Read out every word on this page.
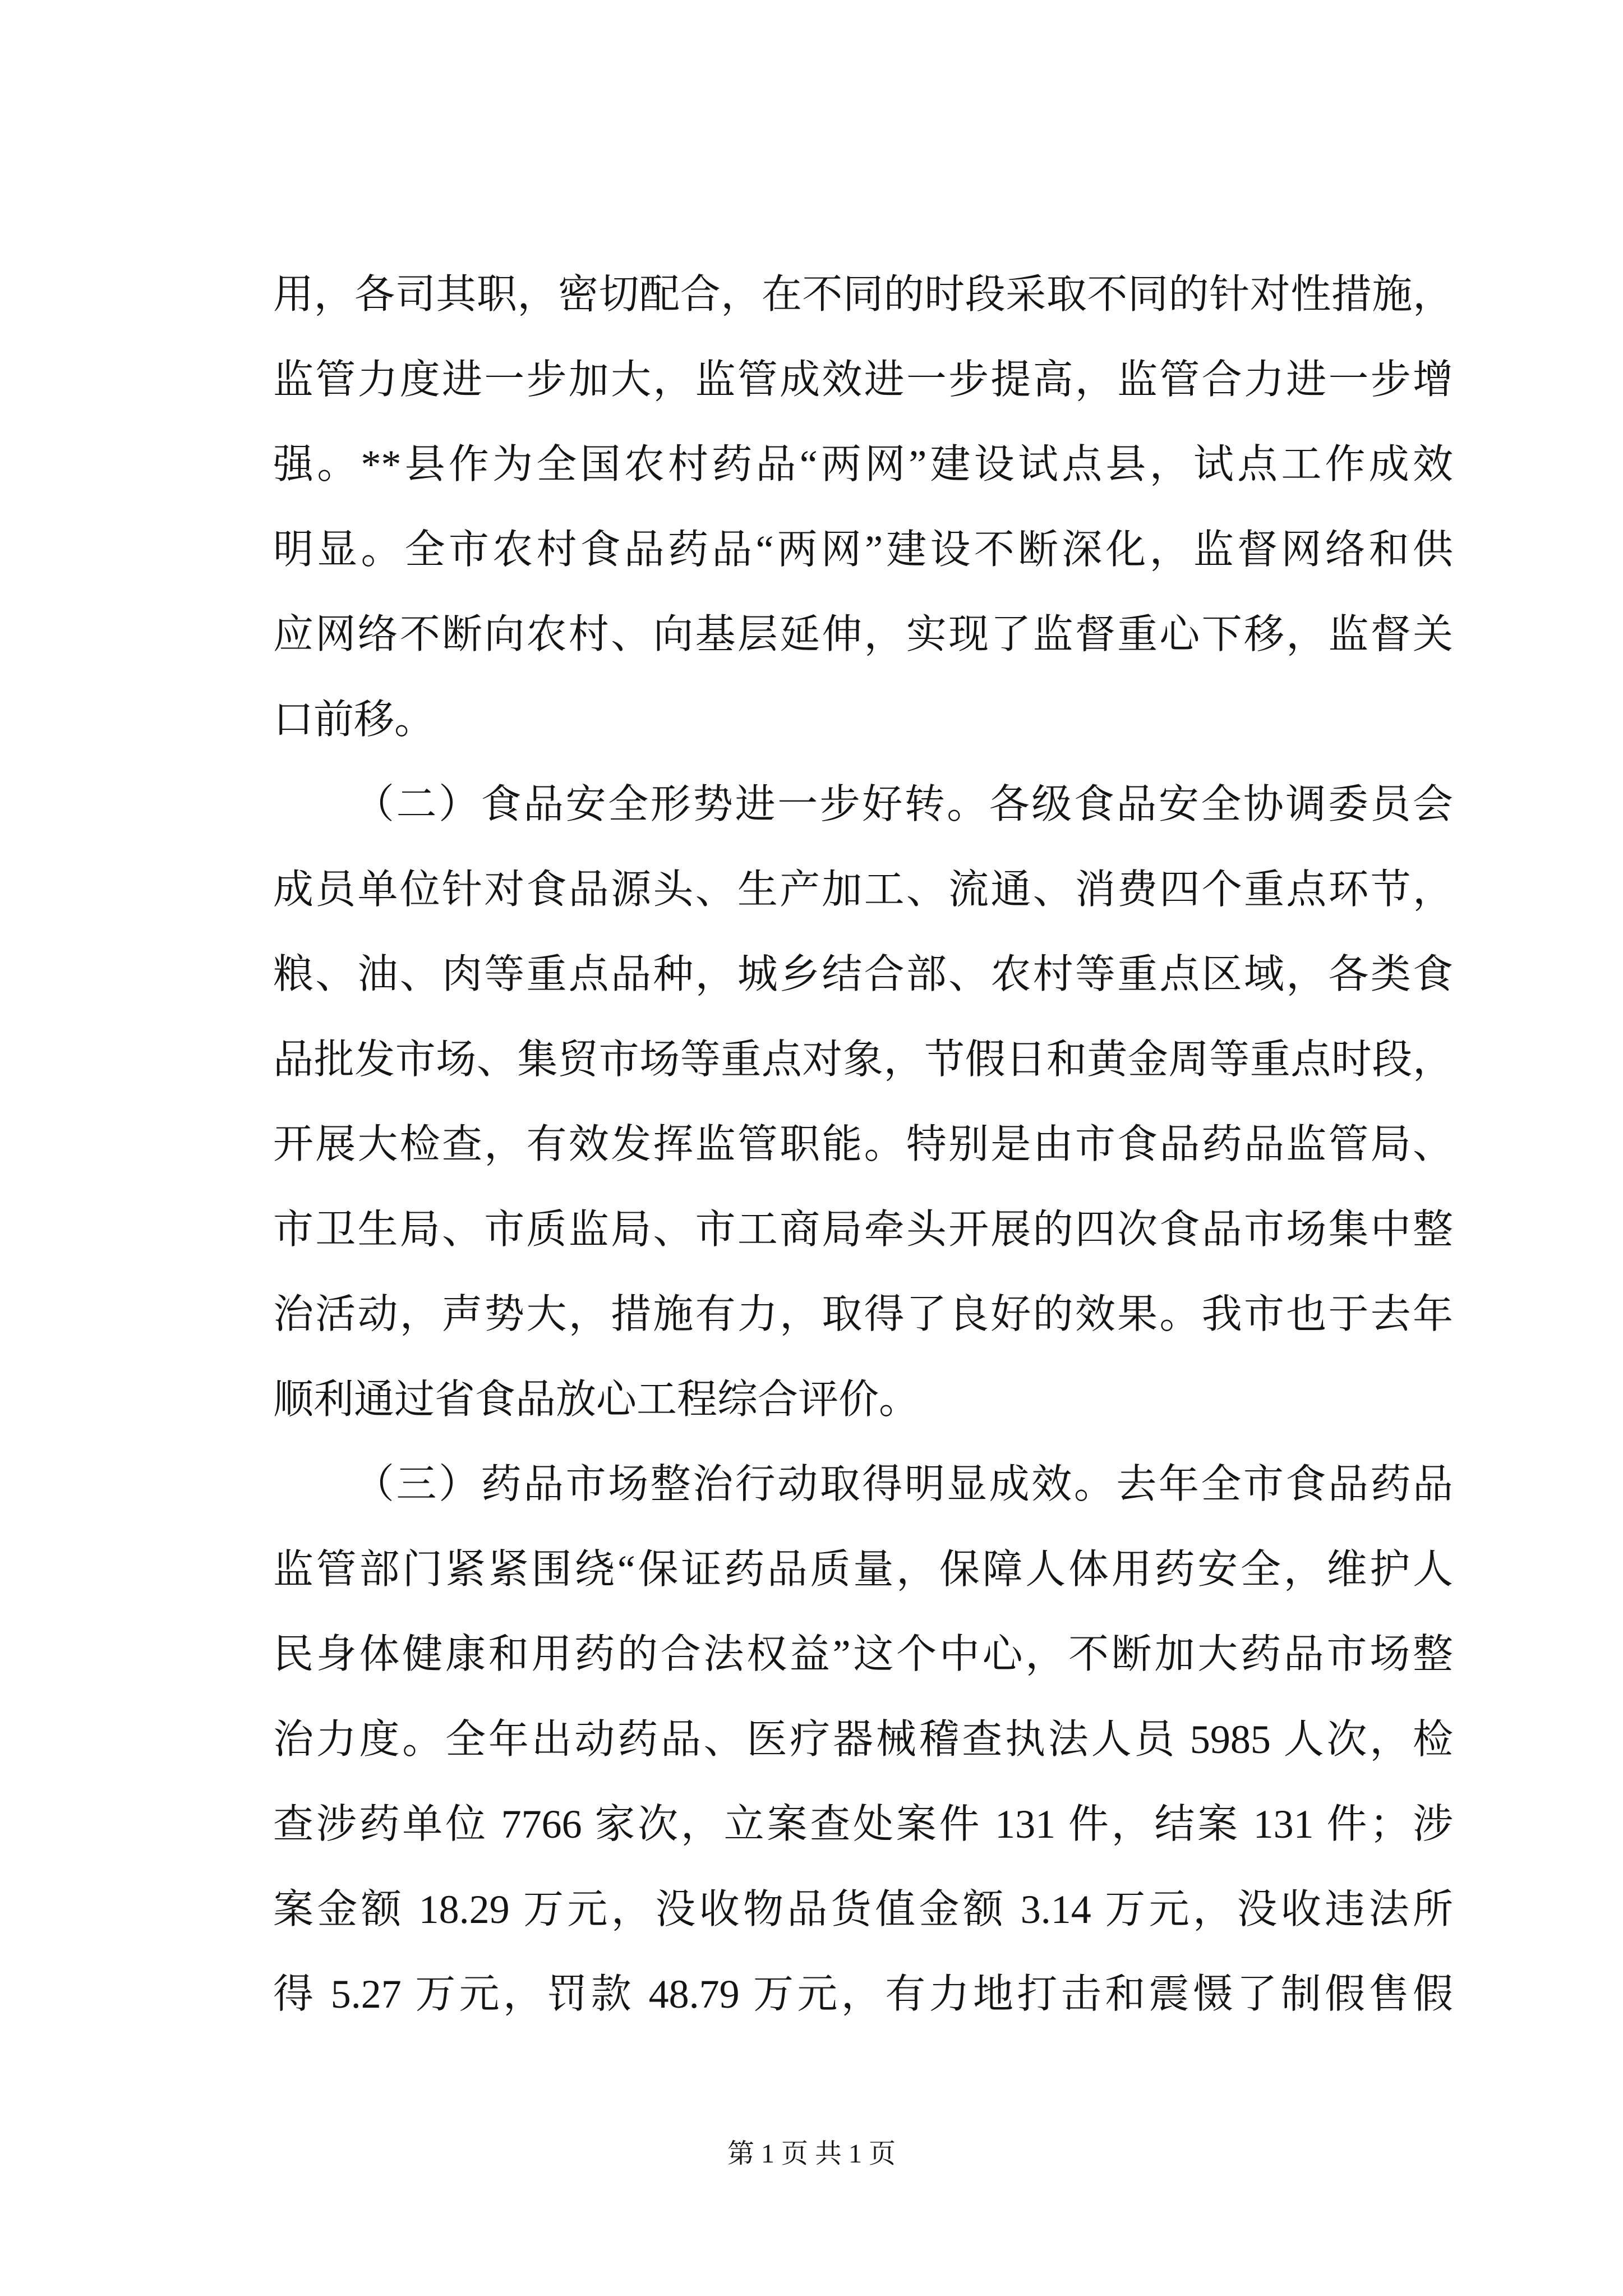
用，各司其职，密切配合，在不同的时段采取不同的针对性措施，
监管力度进一步加大，监管成效进一步提高，监管合力进一步增
强。**县作为全国农村药品“两网”建设试点县，试点工作成效
明显。全市农村食品药品“两网”建设不断深化，监督网络和供
应网络不断向农村、向基层延伸，实现了监督重心下移，监督关
口前移。
（二）食品安全形势进一步好转。各级食品安全协调委员会
成员单位针对食品源头、生产加工、流通、消费四个重点环节，
粮、油、肉等重点品种，城乡结合部、农村等重点区域，各类食
品批发市场、集贸市场等重点对象，节假日和黄金周等重点时段，
开展大检查，有效发挥监管职能。特别是由市食品药品监管局、
市卫生局、市质监局、市工商局牵头开展的四次食品市场集中整
治活动，声势大，措施有力，取得了良好的效果。我市也于去年
顺利通过省食品放心工程综合评价。
（三）药品市场整治行动取得明显成效。去年全市食品药品
监管部门紧紧围绕“保证药品质量，保障人体用药安全，维护人
民身体健康和用药的合法权益”这个中心，不断加大药品市场整
治力度。全年出动药品、医疗器械稽查执法人员 5985 人次，检
查涉药单位 7766 家次，立案查处案件 131 件，结案 131 件；涉
案金额 18.29 万元，没收物品货值金额 3.14 万元，没收违法所
得 5.27 万元，罚款 48.79 万元，有力地打击和震慑了制假售假
第 1 页 共 1 页
